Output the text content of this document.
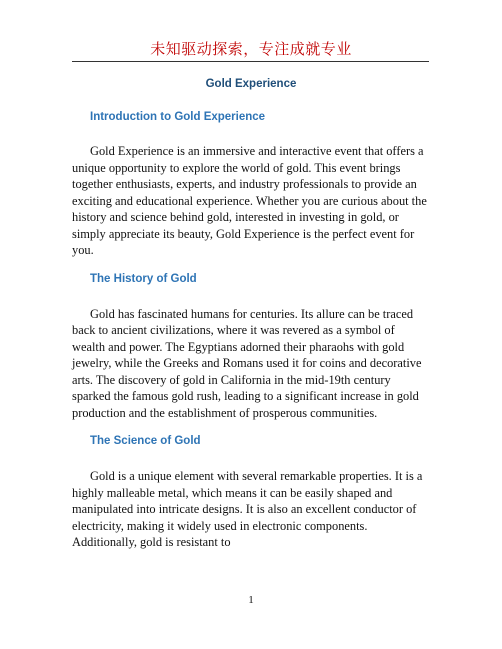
未知驱动探索，专注成就专业
Gold Experience
Introduction to Gold Experience

Gold Experience is an immersive and interactive event that offers a unique opportunity to explore the world of gold. This event brings together enthusiasts, experts, and industry professionals to provide an exciting and educational experience. Whether you are curious about the history and science behind gold, interested in investing in gold, or simply appreciate its beauty, Gold Experience is the perfect event for you.

The History of Gold

Gold has fascinated humans for centuries. Its allure can be traced back to ancient civilizations, where it was revered as a symbol of wealth and power. The Egyptians adorned their pharaohs with gold jewelry, while the Greeks and Romans used it for coins and decorative arts. The discovery of gold in California in the mid-19th century sparked the famous gold rush, leading to a significant increase in gold production and the establishment of prosperous communities.

The Science of Gold

Gold is a unique element with several remarkable properties. It is a highly malleable metal, which means it can be easily shaped and manipulated into intricate designs. It is also an excellent conductor of electricity, making it widely used in electronic components. Additionally, gold is resistant to

1
